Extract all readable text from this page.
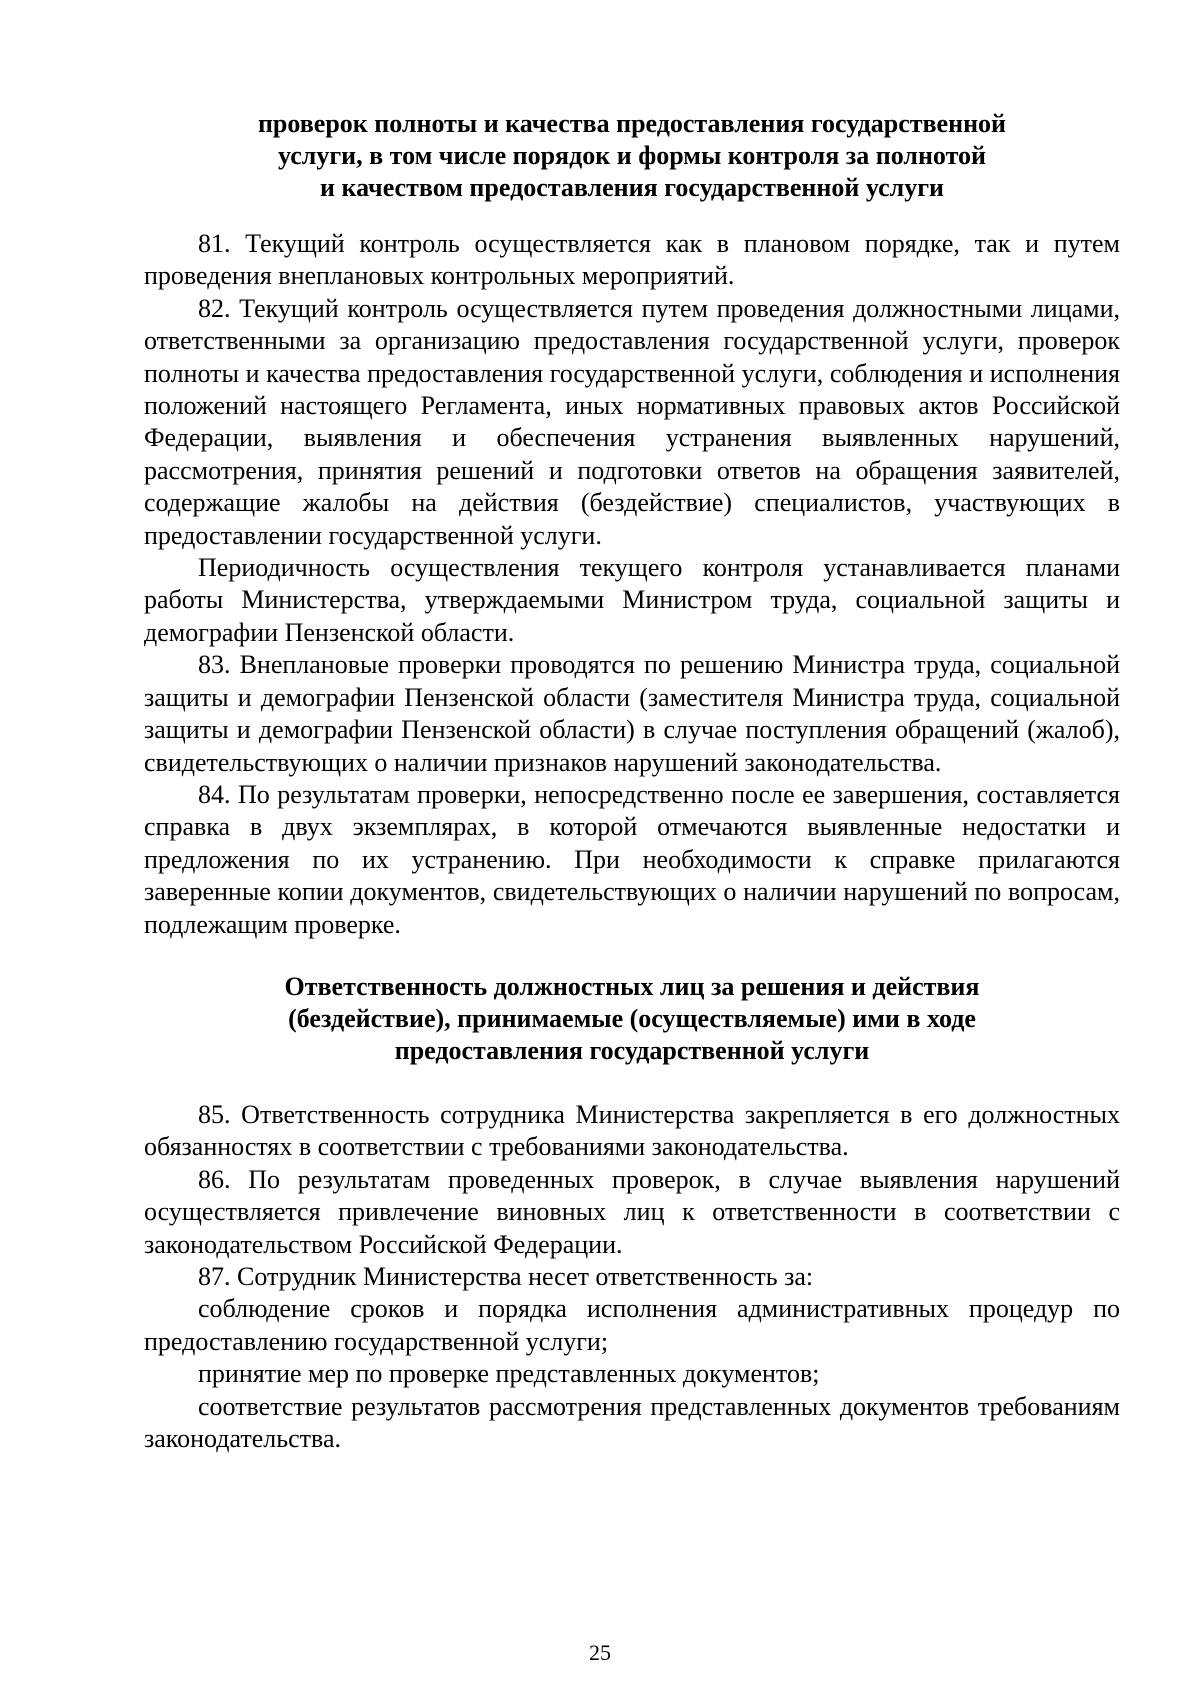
проверок полноты и качества предоставления государственной
услуги, в том числе порядок и формы контроля за полнотой
и качеством предоставления государственной услуги

81. Текущий контроль осуществляется как в плановом порядке, так и путем проведения внеплановых контрольных мероприятий.

82. Текущий контроль осуществляется путем проведения должностными лицами, ответственными за организацию предоставления государственной услуги, проверок полноты и качества предоставления государственной услуги, соблюдения и исполнения положений настоящего Регламента, иных нормативных правовых актов Российской Федерации, выявления и обеспечения устранения выявленных нарушений, рассмотрения, принятия решений и подготовки ответов на обращения заявителей, содержащие жалобы на действия (бездействие) специалистов, участвующих в предоставлении государственной услуги.

Периодичность осуществления текущего контроля устанавливается планами работы Министерства, утверждаемыми Министром труда, социальной защиты и демографии Пензенской области.

83. Внеплановые проверки проводятся по решению Министра труда, социальной защиты и демографии Пензенской области (заместителя Министра труда, социальной защиты и демографии Пензенской области) в случае поступления обращений (жалоб), свидетельствующих о наличии признаков нарушений законодательства.

84. По результатам проверки, непосредственно после ее завершения, составляется справка в двух экземплярах, в которой отмечаются выявленные недостатки и предложения по их устранению. При необходимости к справке прилагаются заверенные копии документов, свидетельствующих о наличии нарушений по вопросам, подлежащим проверке.

Ответственность должностных лиц за решения и действия
(бездействие), принимаемые (осуществляемые) ими в ходе
предоставления государственной услуги

85. Ответственность сотрудника Министерства закрепляется в его должностных обязанностях в соответствии с требованиями законодательства.

86. По результатам проведенных проверок, в случае выявления нарушений осуществляется привлечение виновных лиц к ответственности в соответствии с законодательством Российской Федерации.

87. Сотрудник Министерства несет ответственность за:

соблюдение сроков и порядка исполнения административных процедур по предоставлению государственной услуги;

принятие мер по проверке представленных документов;

соответствие результатов рассмотрения представленных документов требованиям законодательства.

25
